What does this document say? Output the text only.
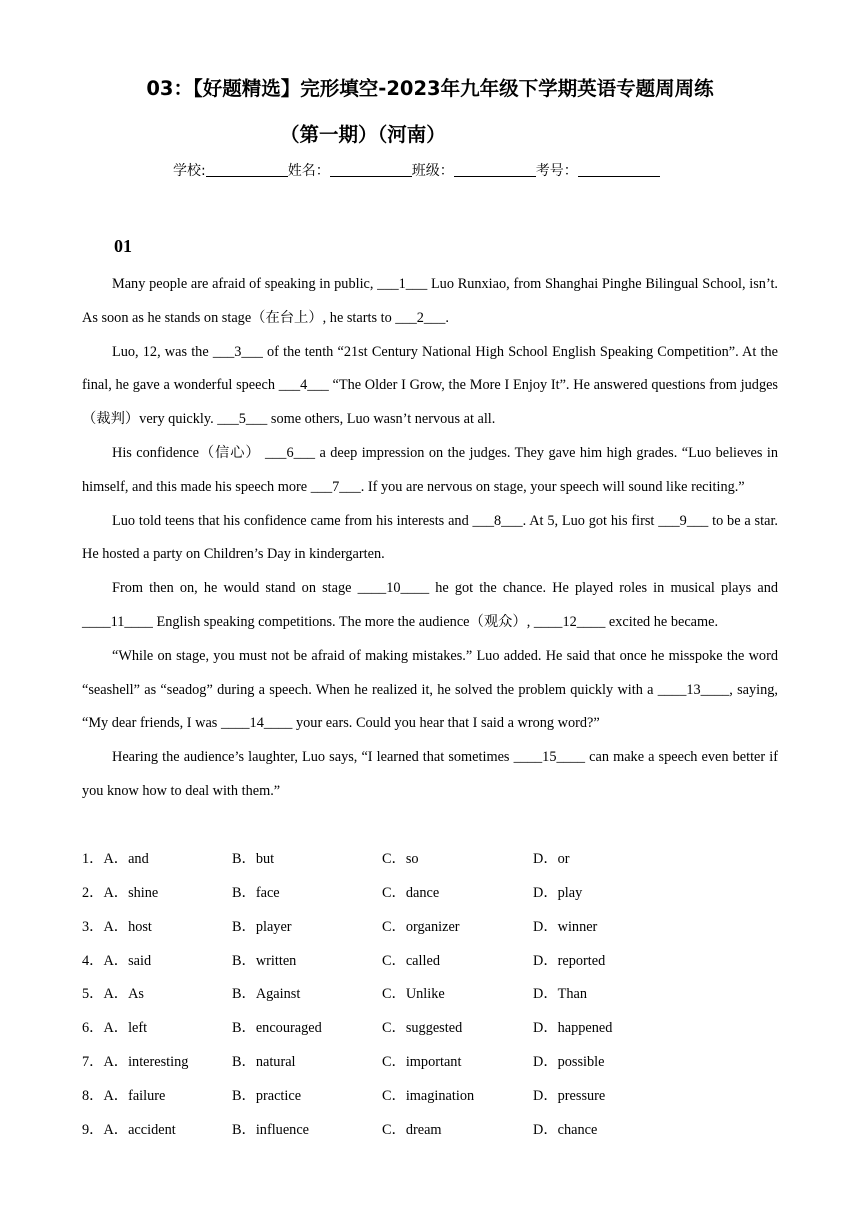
03：【好题精选】完形填空-2023年九年级下学期英语专题周周练
（第一期）（河南）
学校:	姓名：	班级：	考号：
01

Many people are afraid of speaking in public, ___1___ Luo Runxiao, from Shanghai Pinghe Bilingual School, isn’t. As soon as he stands on stage（在台上）, he starts to ___2___.

Luo, 12, was the ___3___ of the tenth “21st Century National High School English Speaking Competition”. At the final, he gave a wonderful speech ___4___ “The Older I Grow, the More I Enjoy It”. He answered questions from judges（裁判）very quickly. ___5___ some others, Luo wasn’t nervous at all.

His confidence（信心） ___6___ a deep impression on the judges. They gave him high grades. “Luo believes in himself, and this made his speech more ___7___. If you are nervous on stage, your speech will sound like reciting.”

Luo told teens that his confidence came from his interests and ___8___. At 5, Luo got his first ___9___ to be a star. He hosted a party on Children’s Day in kindergarten.

From then on, he would stand on stage ____10____ he got the chance. He played roles in musical plays and ____11____ English speaking competitions. The more the audience（观众）, ____12____ excited he became.

“While on stage, you must not be afraid of making mistakes.” Luo added. He said that once he misspoke the word “seashell” as “seadog” during a speech. When he realized it, he solved the problem quickly with a ____13____, saying, “My dear friends, I was ____14____ your ears. Could you hear that I said a wrong word?”

Hearing the audience’s laughter, Luo says, “I learned that sometimes ____15____ can make a speech even better if you know how to deal with them.”

1．A．and	B．but	C．so	D．or
2．A．shine	B．face	C．dance	D．play
3．A．host	B．player	C．organizer	D．winner
4．A．said	B．written	C．called	D．reported
5．A．As	B．Against	C．Unlike	D．Than
6．A．left	B．encouraged	C．suggested	D．happened
7．A．interesting	B．natural	C．important	D．possible
8．A．failure	B．practice	C．imagination	D．pressure
9．A．accident	B．influence	C．dream	D．chance
